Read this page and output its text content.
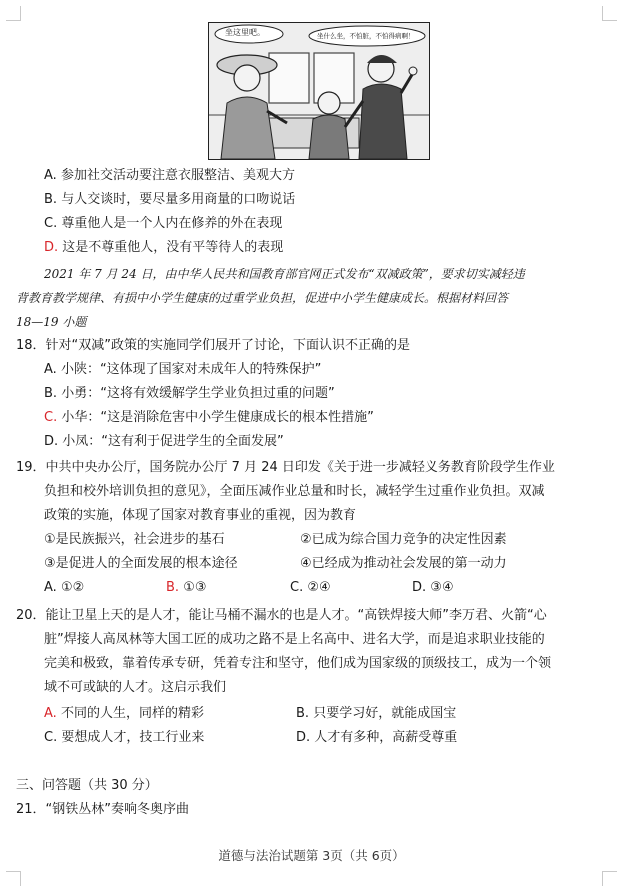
坐这里吧。	坐什么坐，不怕脏，不怕得病啊！
A. 参加社交活动要注意衣服整洁、美观大方
B. 与人交谈时，要尽量多用商量的口吻说话
C. 尊重他人是一个人内在修养的外在表现
D. 这是不尊重他人，没有平等待人的表现
2021 年 7 月 24 日，由中华人民共和国教育部官网正式发布“双减政策”，要求切实减轻违
背教育教学规律、有损中小学生健康的过重学业负担，促进中小学生健康成长。根据材料回答
18—19 小题
18．针对“双减”政策的实施同学们展开了讨论，下面认识不正确的是
A. 小陕：“这体现了国家对未成年人的特殊保护”
B. 小勇：“这将有效缓解学生学业负担过重的问题”
C. 小华：“这是消除危害中小学生健康成长的根本性措施”
D. 小凤：“这有利于促进学生的全面发展”
19．中共中央办公厅，国务院办公厅 7 月 24 日印发《关于进一步减轻义务教育阶段学生作业
负担和校外培训负担的意见》，全面压减作业总量和时长，减轻学生过重作业负担。双减
政策的实施，体现了国家对教育事业的重视，因为教育
①是民族振兴，社会进步的基石	②已成为综合国力竞争的决定性因素
③是促进人的全面发展的根本途径	④已经成为推动社会发展的第一动力
A. ①②	B. ①③	C. ②④	D. ③④
20．能让卫星上天的是人才，能让马桶不漏水的也是人才。“高铁焊接大师”李万君、火箭“心
脏”焊接人高凤林等大国工匠的成功之路不是上名高中、进名大学，而是追求职业技能的
完美和极致，靠着传承专研，凭着专注和坚守，他们成为国家级的顶级技工，成为一个领
域不可或缺的人才。这启示我们
A. 不同的人生，同样的精彩	B. 只要学习好，就能成国宝
C. 要想成人才，技工行业来	D. 人才有多种，高薪受尊重
三、问答题（共 30 分）
21．“钢铁丛林”奏响冬奥序曲
道德与法治试题第 3页（共 6页）
